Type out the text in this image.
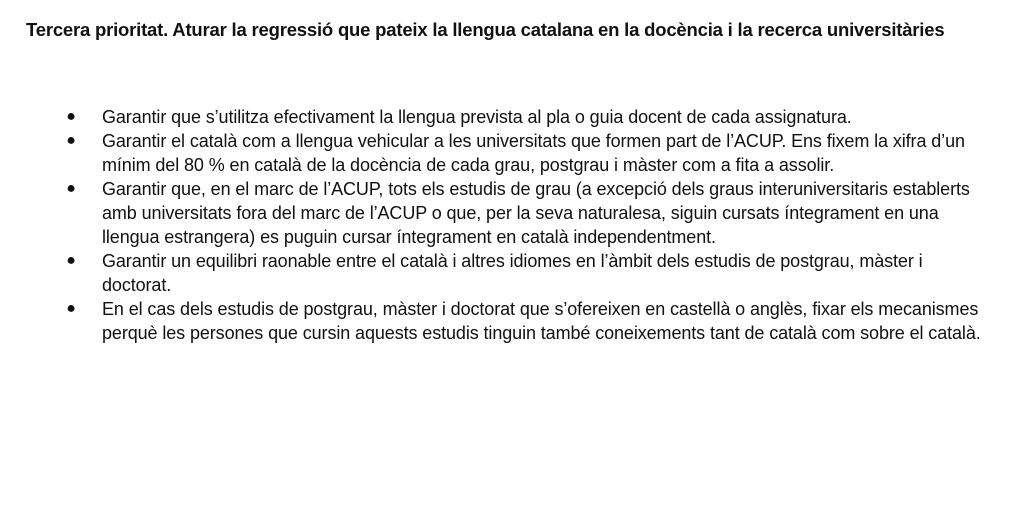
Tercera prioritat. Aturar la regressió que pateix la llengua catalana en la docència i la recerca universitàries
● Garantir que s’utilitza efectivament la llengua prevista al pla o guia docent de cada assignatura.
● Garantir el català com a llengua vehicular a les universitats que formen part de l’ACUP. Ens fixem la xifra d’un mínim del 80 % en català de la docència de cada grau, postgrau i màster com a fita a assolir.
● Garantir que, en el marc de l’ACUP, tots els estudis de grau (a excepció dels graus interuniversitaris establerts amb universitats fora del marc de l’ACUP o que, per la seva naturalesa, siguin cursats íntegrament en una llengua estrangera) es puguin cursar íntegrament en català independentment.
● Garantir un equilibri raonable entre el català i altres idiomes en l’àmbit dels estudis de postgrau, màster i doctorat.
● En el cas dels estudis de postgrau, màster i doctorat que s’ofereixen en castellà o anglès, fixar els mecanismes perquè les persones que cursin aquests estudis tinguin també coneixements tant de català com sobre el català.
